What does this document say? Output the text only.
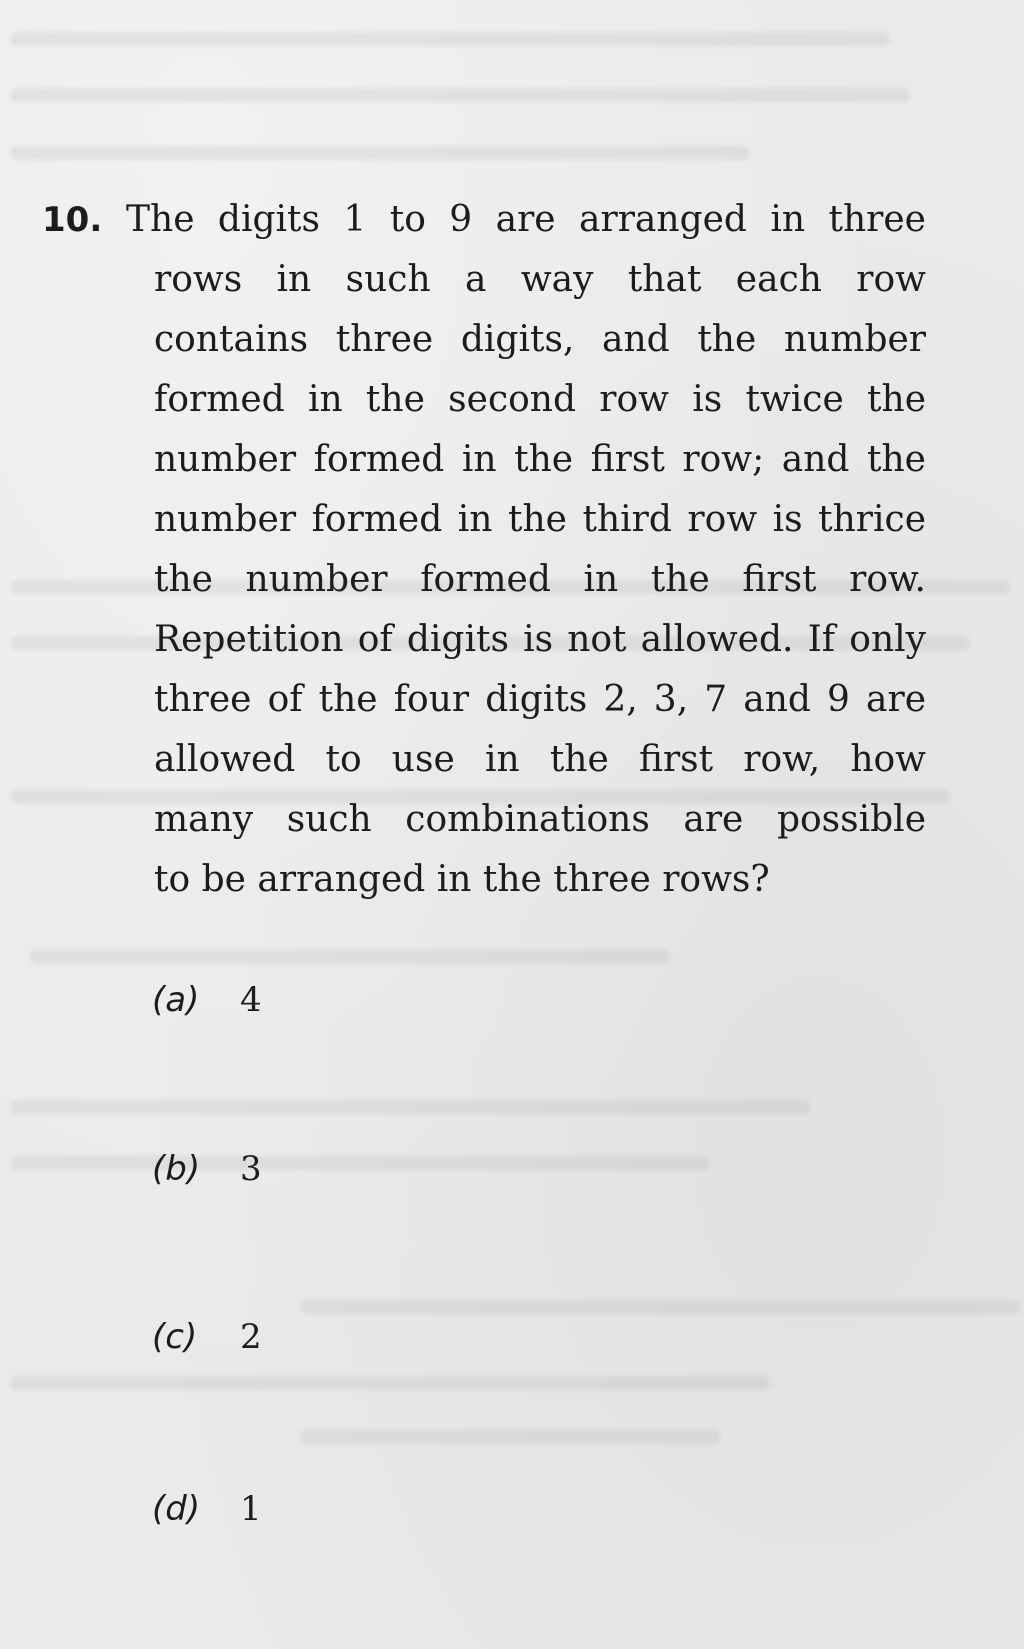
10. The digits 1 to 9 are arranged in three
rows in such a way that each row
contains three digits, and the number
formed in the second row is twice the
number formed in the first row; and the
number formed in the third row is thrice
the number formed in the first row.
Repetition of digits is not allowed. If only
three of the four digits 2, 3, 7 and 9 are
allowed to use in the first row, how
many such combinations are possible
to be arranged in the three rows?
(a)	4
(b)	3
(c)	2
(d)	1
